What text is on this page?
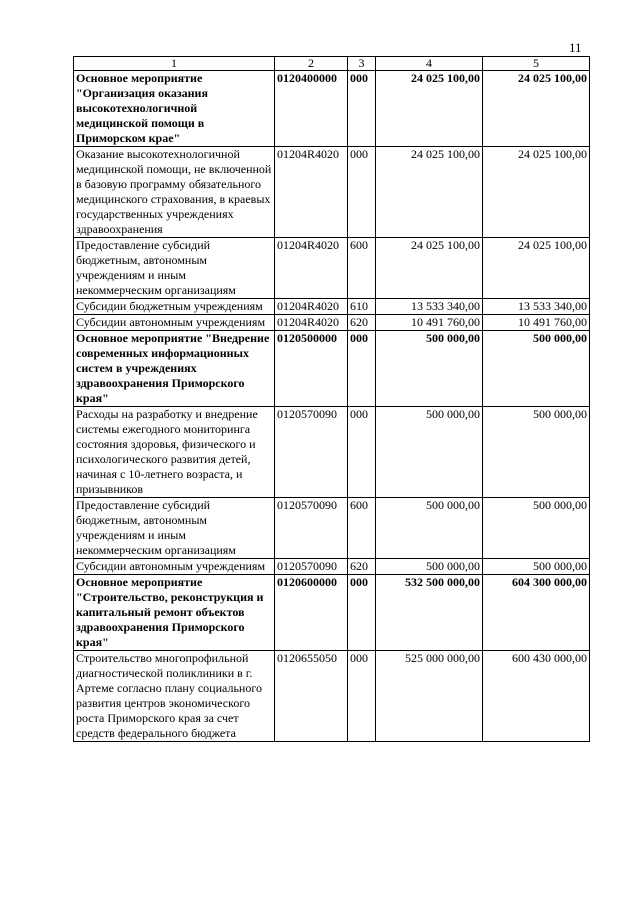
11
1	2	3	4	5
Основное мероприятие "Организация оказания высокотехнологичной медицинской помощи в Приморском крае"	0120400000	000	24 025 100,00	24 025 100,00
Оказание высокотехнологичной медицинской помощи, не включенной в базовую программу обязательного медицинского страхования, в краевых государственных учреждениях здравоохранения	01204R4020	000	24 025 100,00	24 025 100,00
Предоставление субсидий бюджетным, автономным учреждениям и иным некоммерческим организациям	01204R4020	600	24 025 100,00	24 025 100,00
Субсидии бюджетным учреждениям	01204R4020	610	13 533 340,00	13 533 340,00
Субсидии автономным учреждениям	01204R4020	620	10 491 760,00	10 491 760,00
Основное мероприятие "Внедрение современных информационных систем в учреждениях здравоохранения Приморского края"	0120500000	000	500 000,00	500 000,00
Расходы на разработку и внедрение системы ежегодного мониторинга состояния здоровья, физического и психологического развития детей, начиная с 10-летнего возраста, и призывников	0120570090	000	500 000,00	500 000,00
Предоставление субсидий бюджетным, автономным учреждениям и иным некоммерческим организациям	0120570090	600	500 000,00	500 000,00
Субсидии автономным учреждениям	0120570090	620	500 000,00	500 000,00
Основное мероприятие "Строительство, реконструкция и капитальный ремонт объектов здравоохранения Приморского края"	0120600000	000	532 500 000,00	604 300 000,00
Строительство многопрофильной диагностической поликлиники в г. Артеме согласно плану социального развития центров экономического роста Приморского края за счет средств федерального бюджета	0120655050	000	525 000 000,00	600 430 000,00
